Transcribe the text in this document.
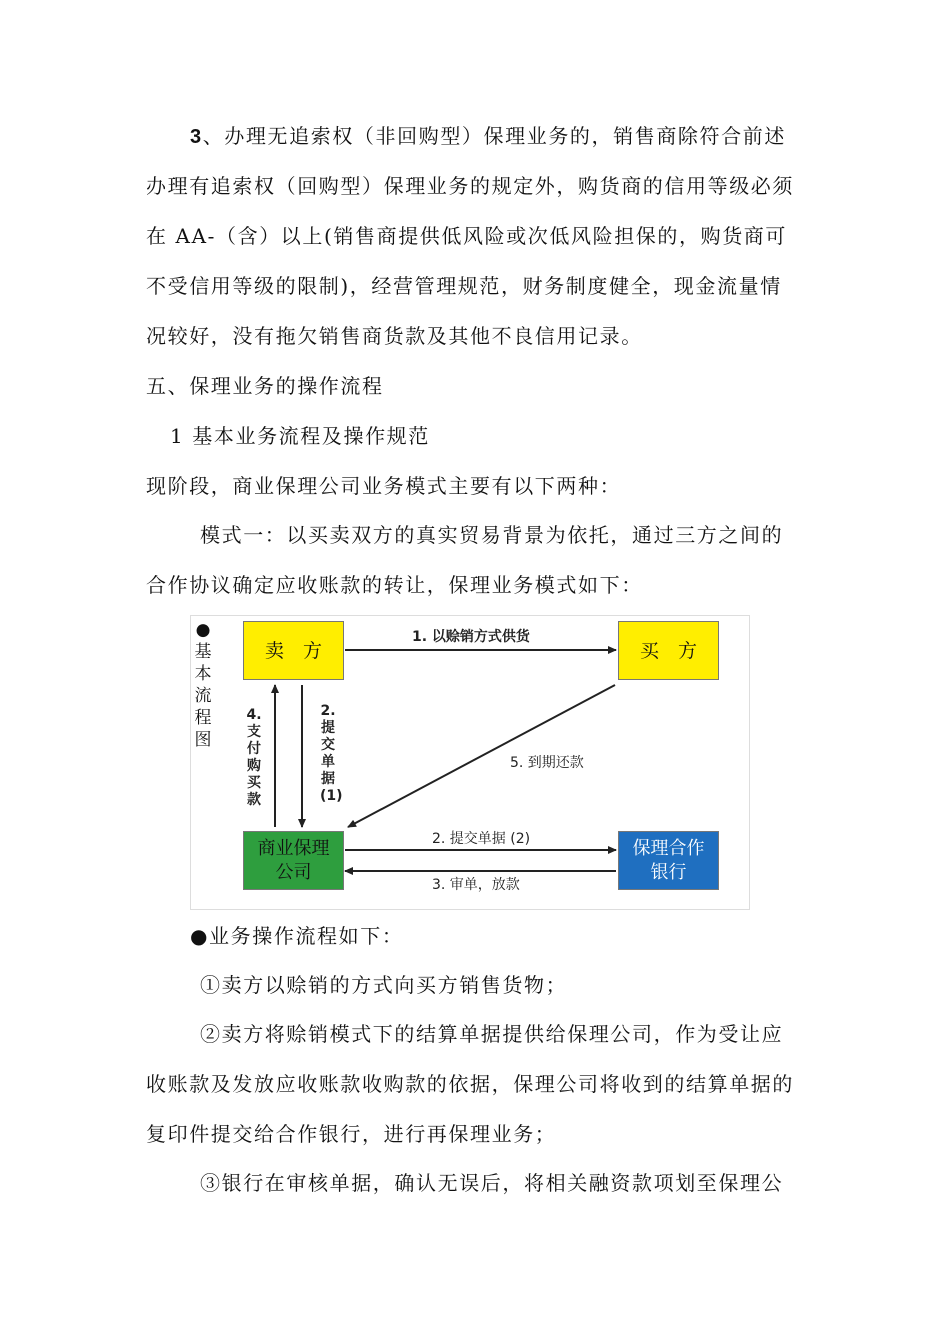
3、办理无追索权（非回购型）保理业务的，销售商除符合前述
办理有追索权（回购型）保理业务的规定外，购货商的信用等级必须
在 AA-（含）以上(销售商提供低风险或次低风险担保的，购货商可
不受信用等级的限制)，经营管理规范，财务制度健全，现金流量情
况较好，没有拖欠销售商货款及其他不良信用记录。
五、保理业务的操作流程
1 基本业务流程及操作规范
现阶段，商业保理公司业务模式主要有以下两种：
模式一：以买卖双方的真实贸易背景为依托，通过三方之间的
合作协议确定应收账款的转让，保理业务模式如下：
●
基本流程图
卖　方	买　方
商业保理公司
保理合作银行
1. 以赊销方式供货
4.支付购买款
2.提交单据(1)
5. 到期还款
2. 提交单据 (2)
3. 审单，放款
●业务操作流程如下：
①卖方以赊销的方式向买方销售货物；
②卖方将赊销模式下的结算单据提供给保理公司，作为受让应
收账款及发放应收账款收购款的依据，保理公司将收到的结算单据的
复印件提交给合作银行，进行再保理业务；
③银行在审核单据，确认无误后，将相关融资款项划至保理公
